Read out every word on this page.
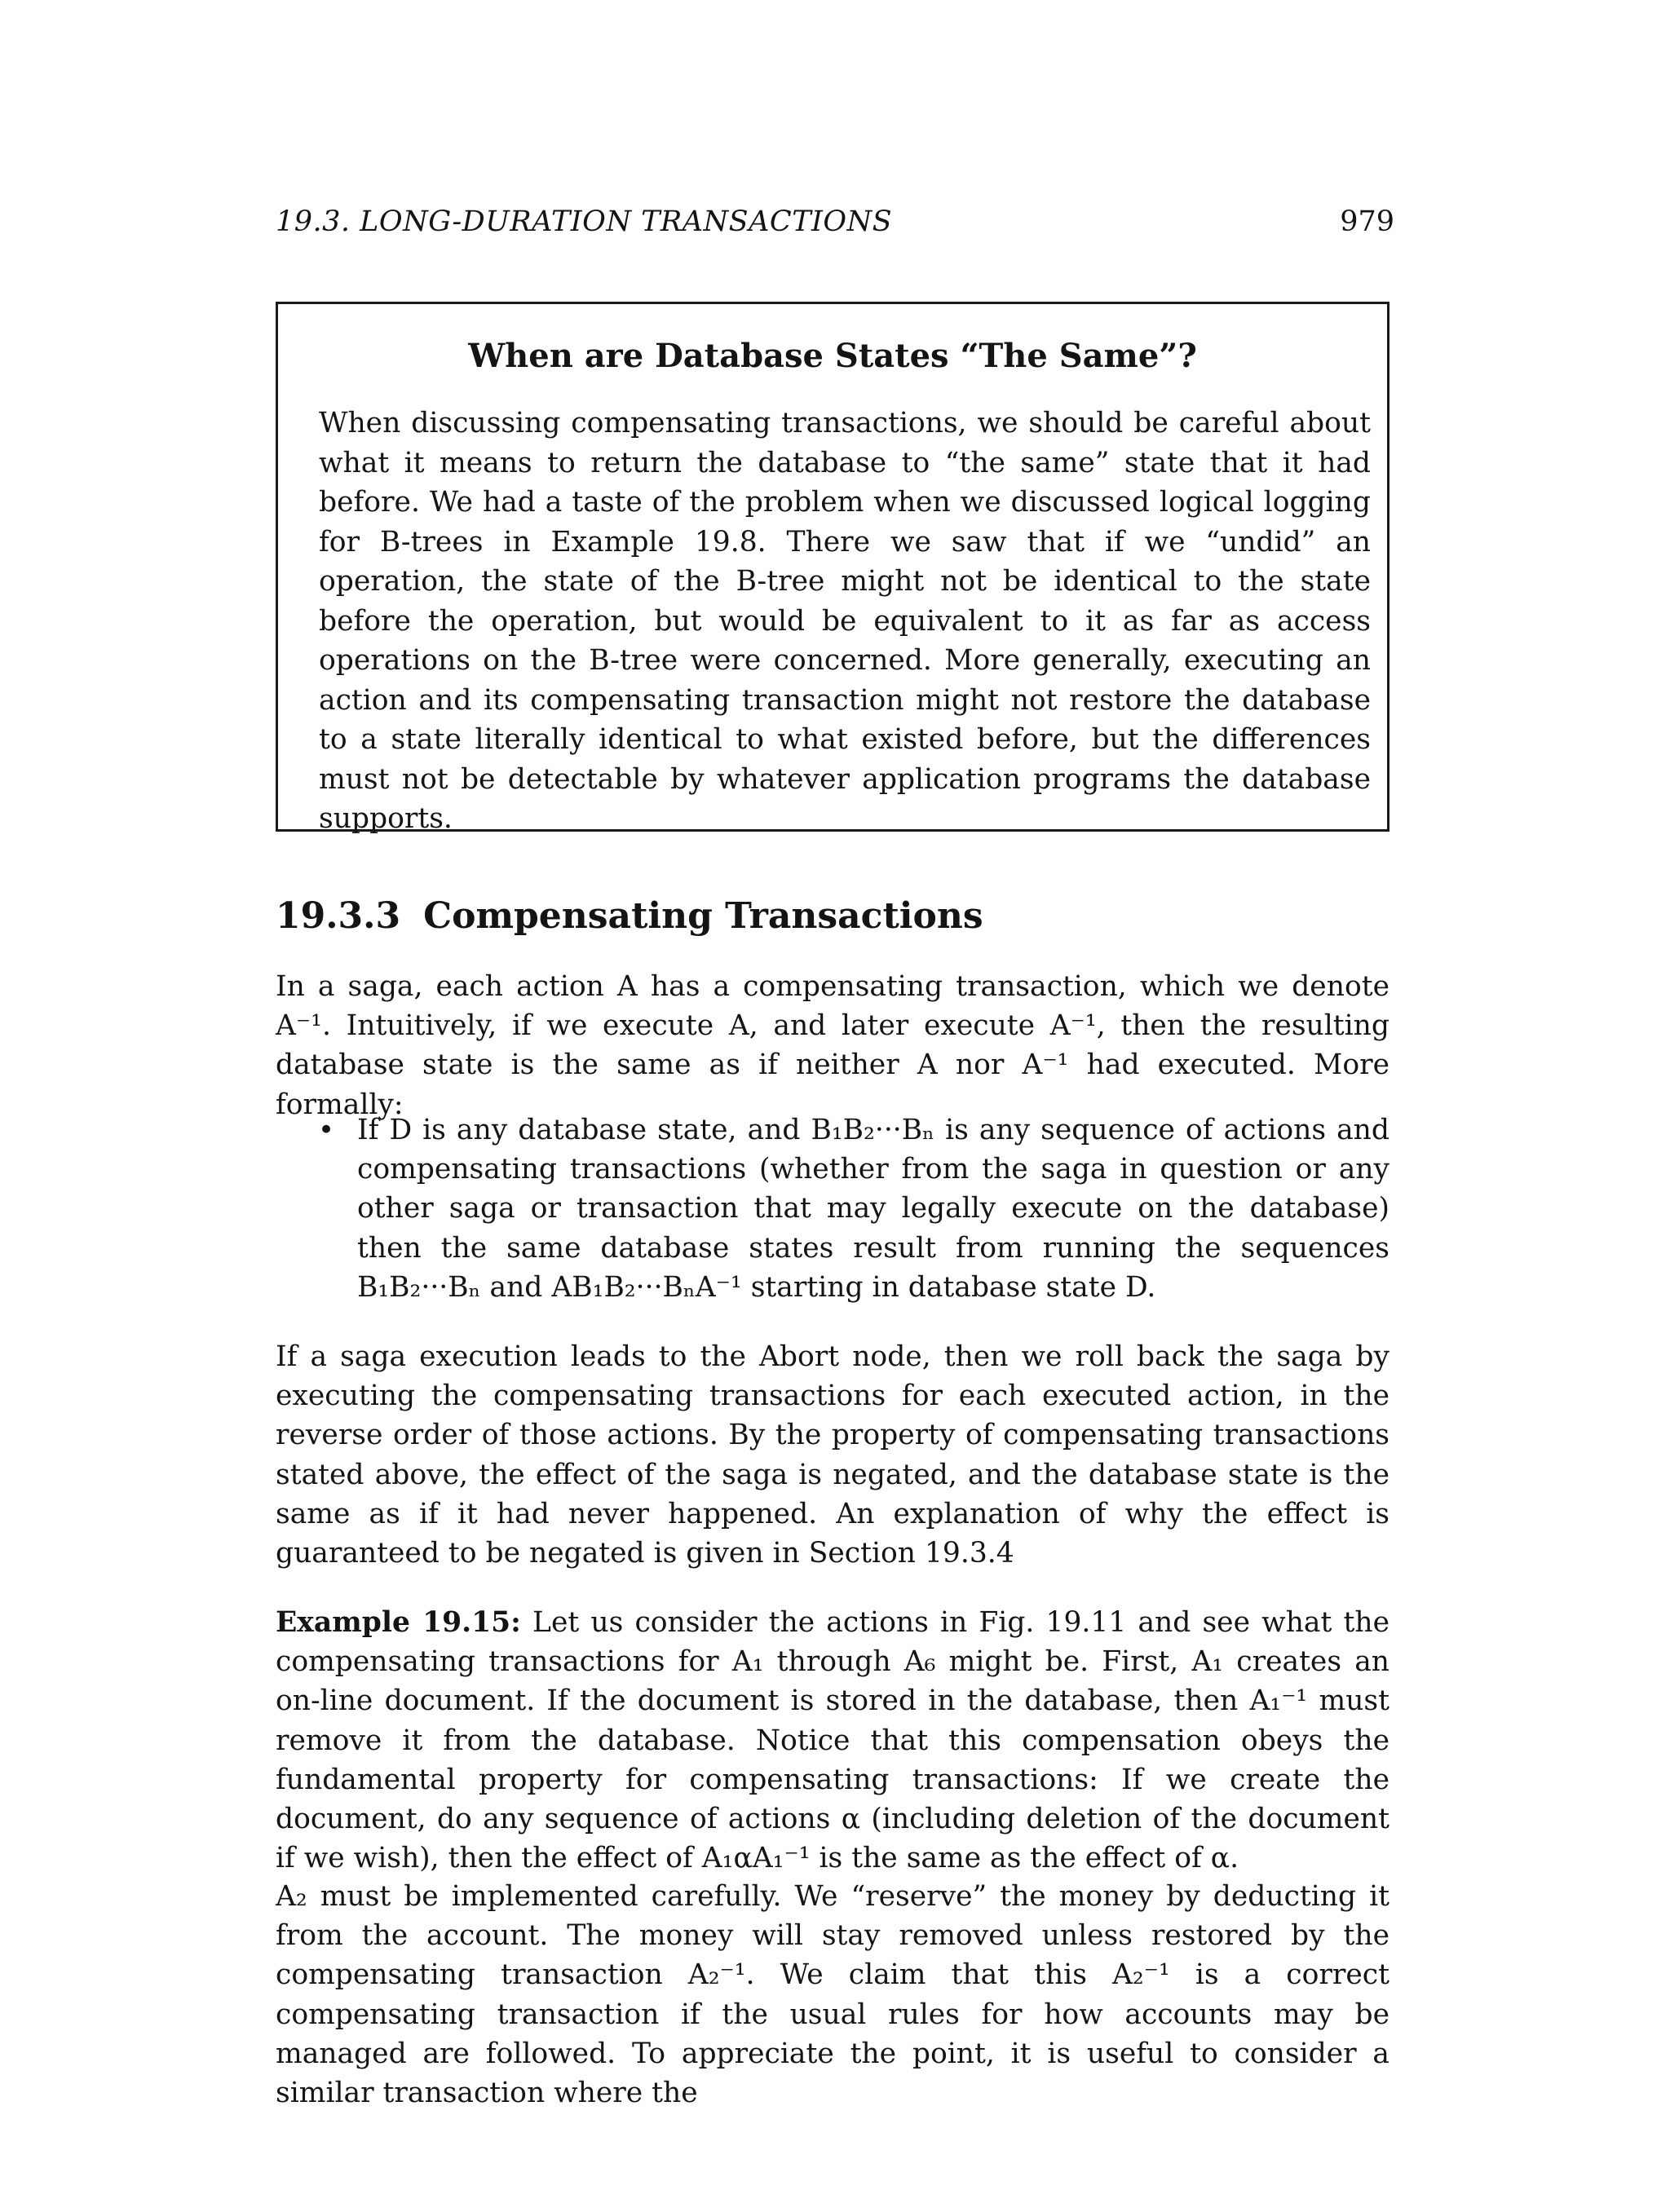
19.3. LONG-DURATION TRANSACTIONS	979
When are Database States “The Same”?
When discussing compensating transactions, we should be careful about what it means to return the database to “the same” state that it had before. We had a taste of the problem when we discussed logical logging for B-trees in Example 19.8. There we saw that if we “undid” an operation, the state of the B-tree might not be identical to the state before the operation, but would be equivalent to it as far as access operations on the B-tree were concerned. More generally, executing an action and its compensating transaction might not restore the database to a state literally identical to what existed before, but the differences must not be detectable by whatever application programs the database supports.
19.3.3 Compensating Transactions
In a saga, each action A has a compensating transaction, which we denote A⁻¹. Intuitively, if we execute A, and later execute A⁻¹, then the resulting database state is the same as if neither A nor A⁻¹ had executed. More formally:
• If D is any database state, and B₁B₂···Bₙ is any sequence of actions and compensating transactions (whether from the saga in question or any other saga or transaction that may legally execute on the database) then the same database states result from running the sequences B₁B₂···Bₙ and AB₁B₂···BₙA⁻¹ starting in database state D.
If a saga execution leads to the Abort node, then we roll back the saga by executing the compensating transactions for each executed action, in the reverse order of those actions. By the property of compensating transactions stated above, the effect of the saga is negated, and the database state is the same as if it had never happened. An explanation of why the effect is guaranteed to be negated is given in Section 19.3.4
Example 19.15: Let us consider the actions in Fig. 19.11 and see what the compensating transactions for A₁ through A₆ might be. First, A₁ creates an on-line document. If the document is stored in the database, then A₁⁻¹ must remove it from the database. Notice that this compensation obeys the fundamental property for compensating transactions: If we create the document, do any sequence of actions α (including deletion of the document if we wish), then the effect of A₁αA₁⁻¹ is the same as the effect of α.
A₂ must be implemented carefully. We “reserve” the money by deducting it from the account. The money will stay removed unless restored by the compensating transaction A₂⁻¹. We claim that this A₂⁻¹ is a correct compensating transaction if the usual rules for how accounts may be managed are followed. To appreciate the point, it is useful to consider a similar transaction where the
